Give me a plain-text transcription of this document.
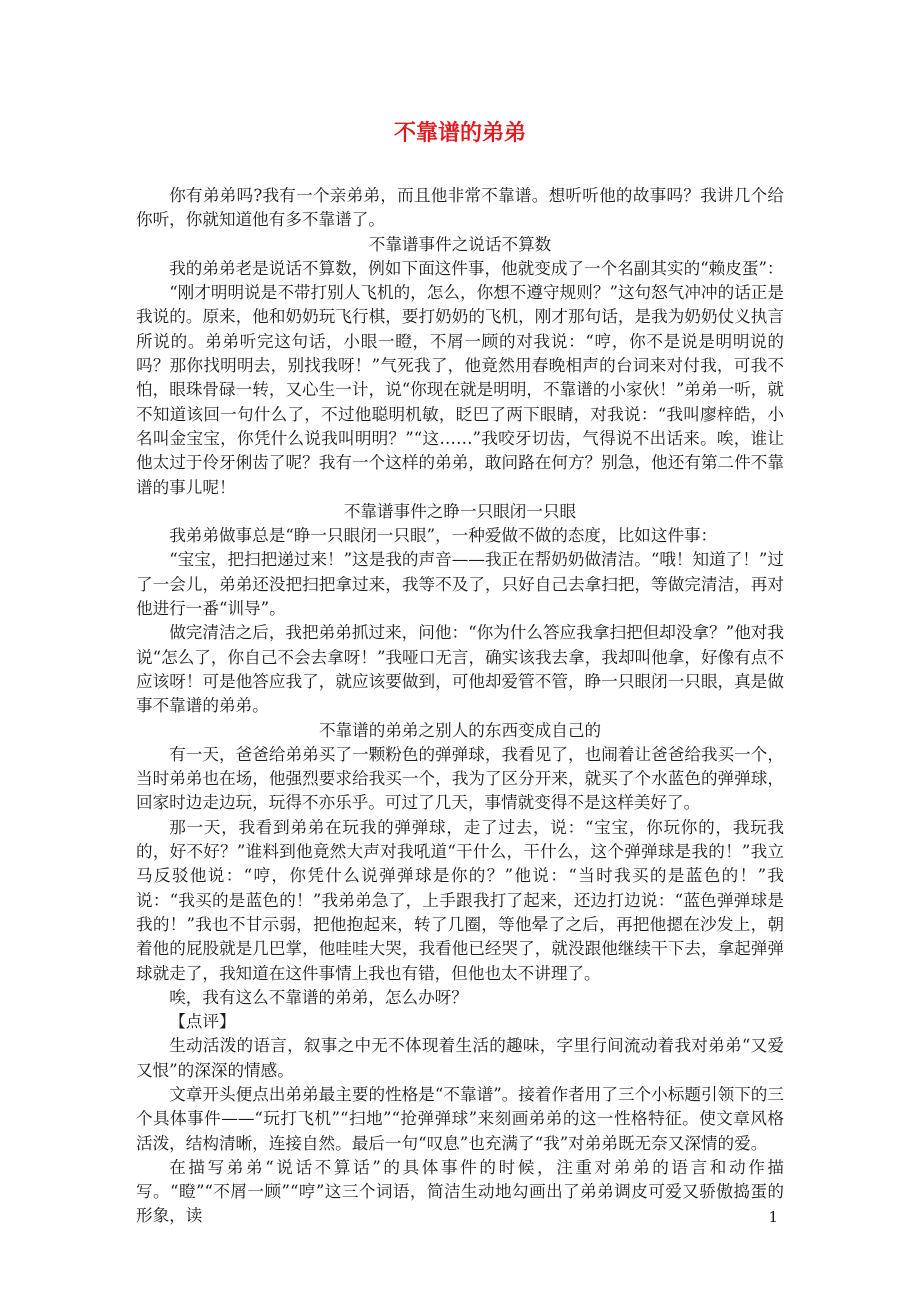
不靠谱的弟弟

你有弟弟吗?我有一个亲弟弟，而且他非常不靠谱。想听听他的故事吗？我讲几个给你听，你就知道他有多不靠谱了。

不靠谱事件之说话不算数

我的弟弟老是说话不算数，例如下面这件事，他就变成了一个名副其实的“赖皮蛋”：

“刚才明明说是不带打别人飞机的，怎么，你想不遵守规则？”这句怒气冲冲的话正是我说的。原来，他和奶奶玩飞行棋，要打奶奶的飞机，刚才那句话，是我为奶奶仗义执言所说的。弟弟听完这句话，小眼一瞪，不屑一顾的对我说：“哼，你不是说是明明说的吗？那你找明明去，别找我呀！”气死我了，他竟然用春晚相声的台词来对付我，可我不怕，眼珠骨碌一转，又心生一计，说“你现在就是明明，不靠谱的小家伙！”弟弟一听，就不知道该回一句什么了，不过他聪明机敏，眨巴了两下眼睛，对我说：“我叫廖梓皓，小名叫金宝宝，你凭什么说我叫明明？”“这……”我咬牙切齿，气得说不出话来。唉，谁让他太过于伶牙俐齿了呢？我有一个这样的弟弟，敢问路在何方？别急，他还有第二件不靠谱的事儿呢！

不靠谱事件之睁一只眼闭一只眼

我弟弟做事总是“睁一只眼闭一只眼”，一种爱做不做的态度，比如这件事：

“宝宝，把扫把递过来！”这是我的声音——我正在帮奶奶做清洁。“哦！知道了！”过了一会儿，弟弟还没把扫把拿过来，我等不及了，只好自己去拿扫把，等做完清洁，再对他进行一番“训导”。

做完清洁之后，我把弟弟抓过来，问他：“你为什么答应我拿扫把但却没拿？”他对我说“怎么了，你自己不会去拿呀！”我哑口无言，确实该我去拿，我却叫他拿，好像有点不应该呀！可是他答应我了，就应该要做到，可他却爱管不管，睁一只眼闭一只眼，真是做事不靠谱的弟弟。

不靠谱的弟弟之别人的东西变成自己的

有一天，爸爸给弟弟买了一颗粉色的弹弹球，我看见了，也闹着让爸爸给我买一个，当时弟弟也在场，他强烈要求给我买一个，我为了区分开来，就买了个水蓝色的弹弹球，回家时边走边玩，玩得不亦乐乎。可过了几天，事情就变得不是这样美好了。

那一天，我看到弟弟在玩我的弹弹球，走了过去，说：“宝宝，你玩你的，我玩我的，好不好？”谁料到他竟然大声对我吼道“干什么，干什么，这个弹弹球是我的！”我立马反驳他说：“哼，你凭什么说弹弹球是你的？”他说：“当时我买的是蓝色的！”我说：“我买的是蓝色的！”我弟弟急了，上手跟我打了起来，还边打边说：“蓝色弹弹球是我的！”我也不甘示弱，把他抱起来，转了几圈，等他晕了之后，再把他摁在沙发上，朝着他的屁股就是几巴掌，他哇哇大哭，我看他已经哭了，就没跟他继续干下去，拿起弹弹球就走了，我知道在这件事情上我也有错，但他也太不讲理了。

唉，我有这么不靠谱的弟弟，怎么办呀？

【点评】

生动活泼的语言，叙事之中无不体现着生活的趣味，字里行间流动着我对弟弟“又爱又恨”的深深的情感。

文章开头便点出弟弟最主要的性格是“不靠谱”。接着作者用了三个小标题引领下的三个具体事件——“玩打飞机”“扫地”“抢弹弹球”来刻画弟弟的这一性格特征。使文章风格活泼，结构清晰，连接自然。最后一句“叹息”也充满了“我”对弟弟既无奈又深情的爱。

在描写弟弟“说话不算话”的具体事件的时候，注重对弟弟的语言和动作描写。“瞪”“不屑一顾”“哼”这三个词语，简洁生动地勾画出了弟弟调皮可爱又骄傲捣蛋的形象，读	1
